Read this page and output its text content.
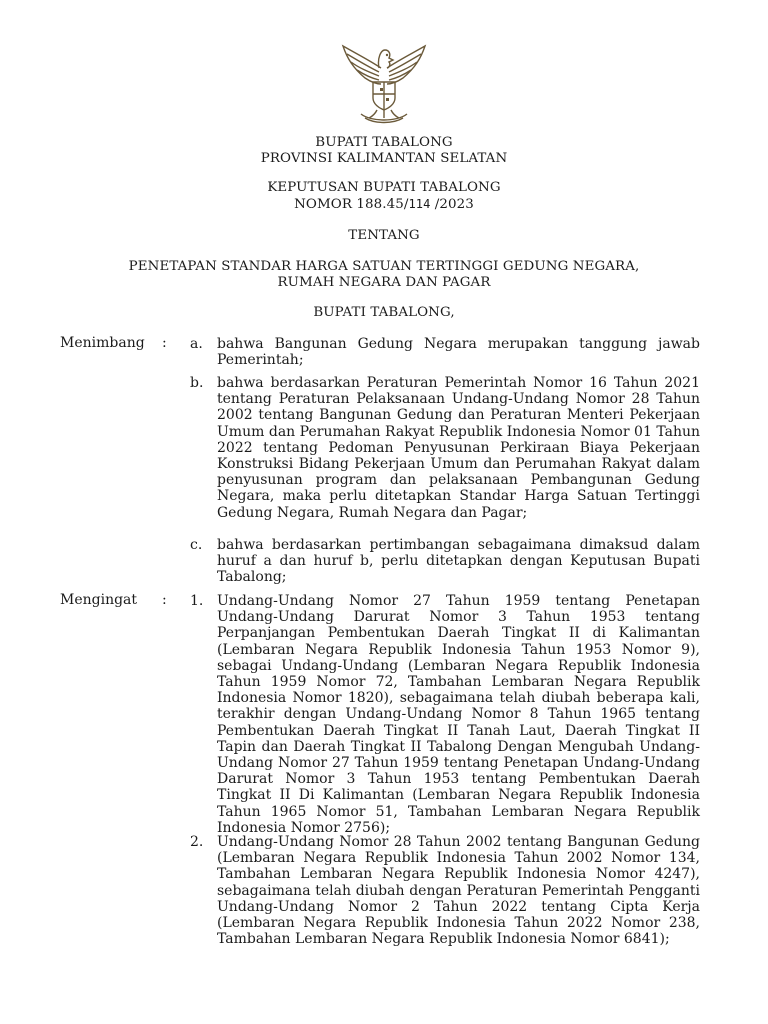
BUPATI TABALONG
PROVINSI KALIMANTAN SELATAN
KEPUTUSAN BUPATI TABALONG
NOMOR 188.45/114 /2023
TENTANG
PENETAPAN STANDAR HARGA SATUAN TERTINGGI GEDUNG NEGARA,
RUMAH NEGARA DAN PAGAR
BUPATI TABALONG,
Menimbang : a. bahwa Bangunan Gedung Negara merupakan tanggung jawab Pemerintah;
b. bahwa berdasarkan Peraturan Pemerintah Nomor 16 Tahun 2021 tentang Peraturan Pelaksanaan Undang-Undang Nomor 28 Tahun 2002 tentang Bangunan Gedung dan Peraturan Menteri Pekerjaan Umum dan Perumahan Rakyat Republik Indonesia Nomor 01 Tahun 2022 tentang Pedoman Penyusunan Perkiraan Biaya Pekerjaan Konstruksi Bidang Pekerjaan Umum dan Perumahan Rakyat dalam penyusunan program dan pelaksanaan Pembangunan Gedung Negara, maka perlu ditetapkan Standar Harga Satuan Tertinggi Gedung Negara, Rumah Negara dan Pagar;
c. bahwa berdasarkan pertimbangan sebagaimana dimaksud dalam huruf a dan huruf b, perlu ditetapkan dengan Keputusan Bupati Tabalong;
Mengingat : 1. Undang-Undang Nomor 27 Tahun 1959 tentang Penetapan Undang-Undang Darurat Nomor 3 Tahun 1953 tentang Perpanjangan Pembentukan Daerah Tingkat II di Kalimantan (Lembaran Negara Republik Indonesia Tahun 1953 Nomor 9), sebagai Undang-Undang (Lembaran Negara Republik Indonesia Tahun 1959 Nomor 72, Tambahan Lembaran Negara Republik Indonesia Nomor 1820), sebagaimana telah diubah beberapa kali, terakhir dengan Undang-Undang Nomor 8 Tahun 1965 tentang Pembentukan Daerah Tingkat II Tanah Laut, Daerah Tingkat II Tapin dan Daerah Tingkat II Tabalong Dengan Mengubah Undang-Undang Nomor 27 Tahun 1959 tentang Penetapan Undang-Undang Darurat Nomor 3 Tahun 1953 tentang Pembentukan Daerah Tingkat II Di Kalimantan (Lembaran Negara Republik Indonesia Tahun 1965 Nomor 51, Tambahan Lembaran Negara Republik Indonesia Nomor 2756);
2. Undang-Undang Nomor 28 Tahun 2002 tentang Bangunan Gedung (Lembaran Negara Republik Indonesia Tahun 2002 Nomor 134, Tambahan Lembaran Negara Republik Indonesia Nomor 4247), sebagaimana telah diubah dengan Peraturan Pemerintah Pengganti Undang-Undang Nomor 2 Tahun 2022 tentang Cipta Kerja (Lembaran Negara Republik Indonesia Tahun 2022 Nomor 238, Tambahan Lembaran Negara Republik Indonesia Nomor 6841);
